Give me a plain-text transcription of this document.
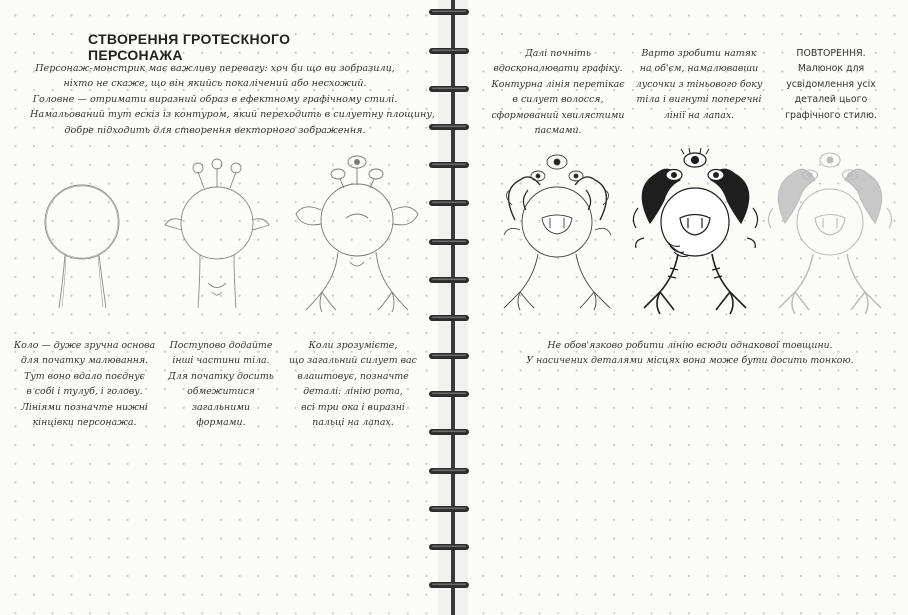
СТВОРЕННЯ ГРОТЕСКНОГО ПЕРСОНАЖА
Персонаж-монстрик має важливу перевагу: хоч би що ви зобразили,
ніхто не скаже, що він якийсь покалічений або несхожий.
Головне — отримати виразний образ в ефектному графічному стилі.
Намальований тут ескіз із контуром, який переходить в силуетну площину,
добре підходить для створення векторного зображення.
Далі почніть
вдосконалювати графіку.
Контурна лінія перетікає
в силует волосся,
сформований хвилястими
пасмами.
Варто зробити натяк
на об'єм, намалювавши
лусочки з тіньового боку
тіла і вигнуті поперечні
лінії на лапах.
ПОВТОРЕННЯ.
Малюнок для
усвідомлення усіх
деталей цього
графічного стилю.
Коло — дуже зручна основа
для початку малювання.
Тут воно вдало поєднує
в собі і тулуб, і голову.
Лініями позначте нижні
кінцівки персонажа.
Поступово додайте
інші частини тіла.
Для початку досить
обмежитися
загальними
формами.
Коли зрозумієте,
що загальний силует вас
влаштовує, позначте
деталі: лінію рота,
всі три ока і виразні
пальці на лапах.
Не обов'язково робити лінію всюди однакової товщини.
У насичених деталями місцях вона може бути досить тонкою.
